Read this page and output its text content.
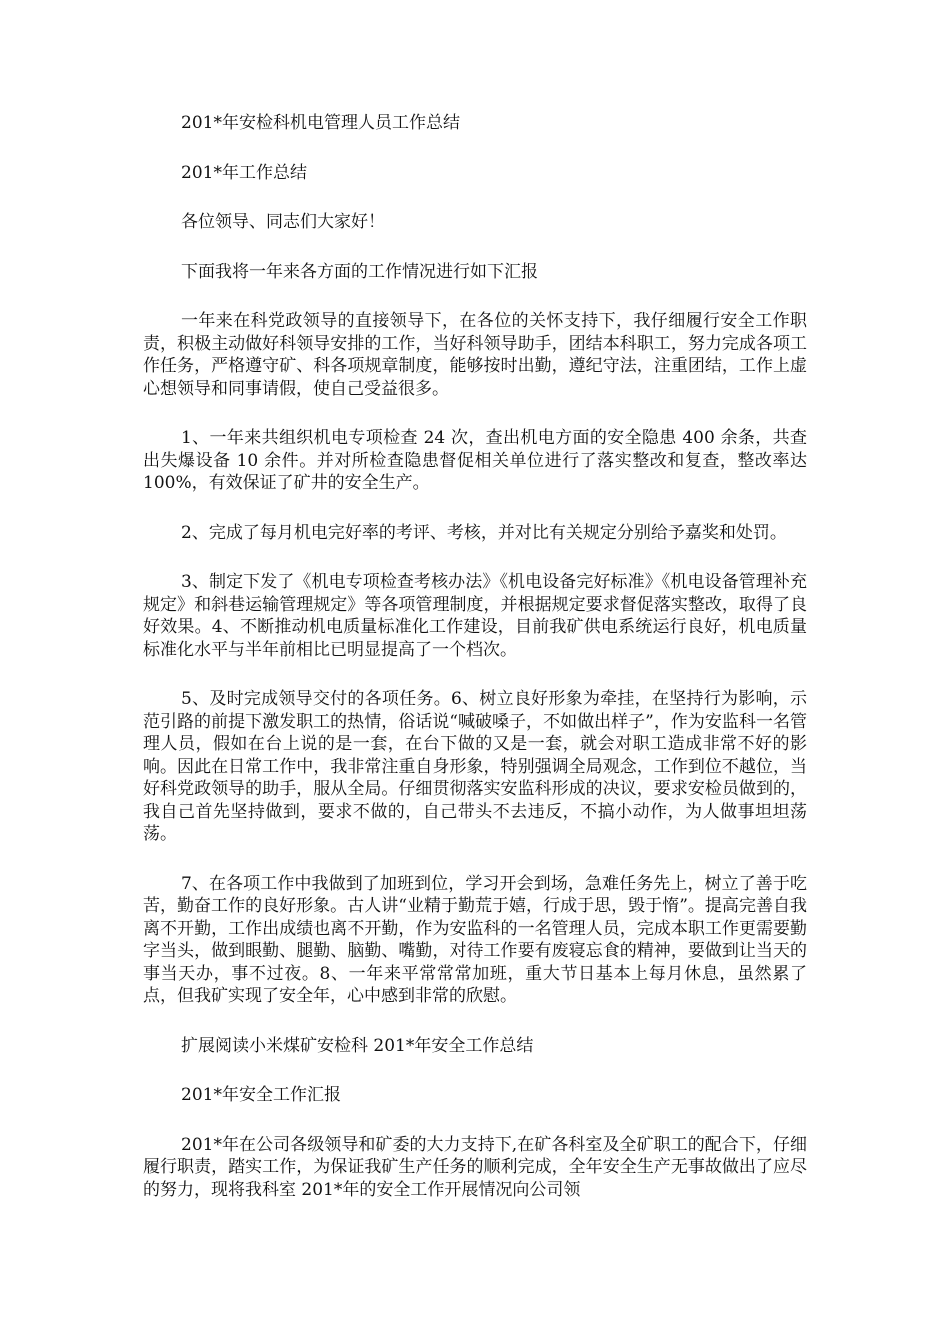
201*年安检科机电管理人员工作总结

201*年工作总结

各位领导、同志们大家好！

下面我将一年来各方面的工作情况进行如下汇报

一年来在科党政领导的直接领导下，在各位的关怀支持下，我仔细履行安全工作职责，积极主动做好科领导安排的工作，当好科领导助手，团结本科职工，努力完成各项工作任务，严格遵守矿、科各项规章制度，能够按时出勤，遵纪守法，注重团结，工作上虚心想领导和同事请假，使自己受益很多。

1、一年来共组织机电专项检查 24 次，查出机电方面的安全隐患 400 余条，共查出失爆设备 10 余件。并对所检查隐患督促相关单位进行了落实整改和复查，整改率达 100%，有效保证了矿井的安全生产。

2、完成了每月机电完好率的考评、考核，并对比有关规定分别给予嘉奖和处罚。

3、制定下发了《机电专项检查考核办法》《机电设备完好标准》《机电设备管理补充规定》和斜巷运输管理规定》等各项管理制度，并根据规定要求督促落实整改，取得了良好效果。4、不断推动机电质量标准化工作建设，目前我矿供电系统运行良好，机电质量标准化水平与半年前相比已明显提高了一个档次。

5、及时完成领导交付的各项任务。6、树立良好形象为牵挂，在坚持行为影响，示范引路的前提下激发职工的热情，俗话说“喊破嗓子，不如做出样子”，作为安监科一名管理人员，假如在台上说的是一套，在台下做的又是一套，就会对职工造成非常不好的影响。因此在日常工作中，我非常注重自身形象，特别强调全局观念，工作到位不越位，当好科党政领导的助手，服从全局。仔细贯彻落实安监科形成的决议，要求安检员做到的，我自己首先坚持做到，要求不做的，自己带头不去违反，不搞小动作，为人做事坦坦荡荡。

7、在各项工作中我做到了加班到位，学习开会到场，急难任务先上，树立了善于吃苦，勤奋工作的良好形象。古人讲“业精于勤荒于嬉，行成于思，毁于惰”。提高完善自我离不开勤，工作出成绩也离不开勤，作为安监科的一名管理人员，完成本职工作更需要勤字当头，做到眼勤、腿勤、脑勤、嘴勤，对待工作要有废寝忘食的精神，要做到让当天的事当天办，事不过夜。8、一年来平常常常加班，重大节日基本上每月休息，虽然累了点，但我矿实现了安全年，心中感到非常的欣慰。

扩展阅读小米煤矿安检科 201*年安全工作总结

201*年安全工作汇报

201*年在公司各级领导和矿委的大力支持下,在矿各科室及全矿职工的配合下，仔细履行职责，踏实工作，为保证我矿生产任务的顺利完成，全年安全生产无事故做出了应尽的努力，现将我科室 201*年的安全工作开展情况向公司领
